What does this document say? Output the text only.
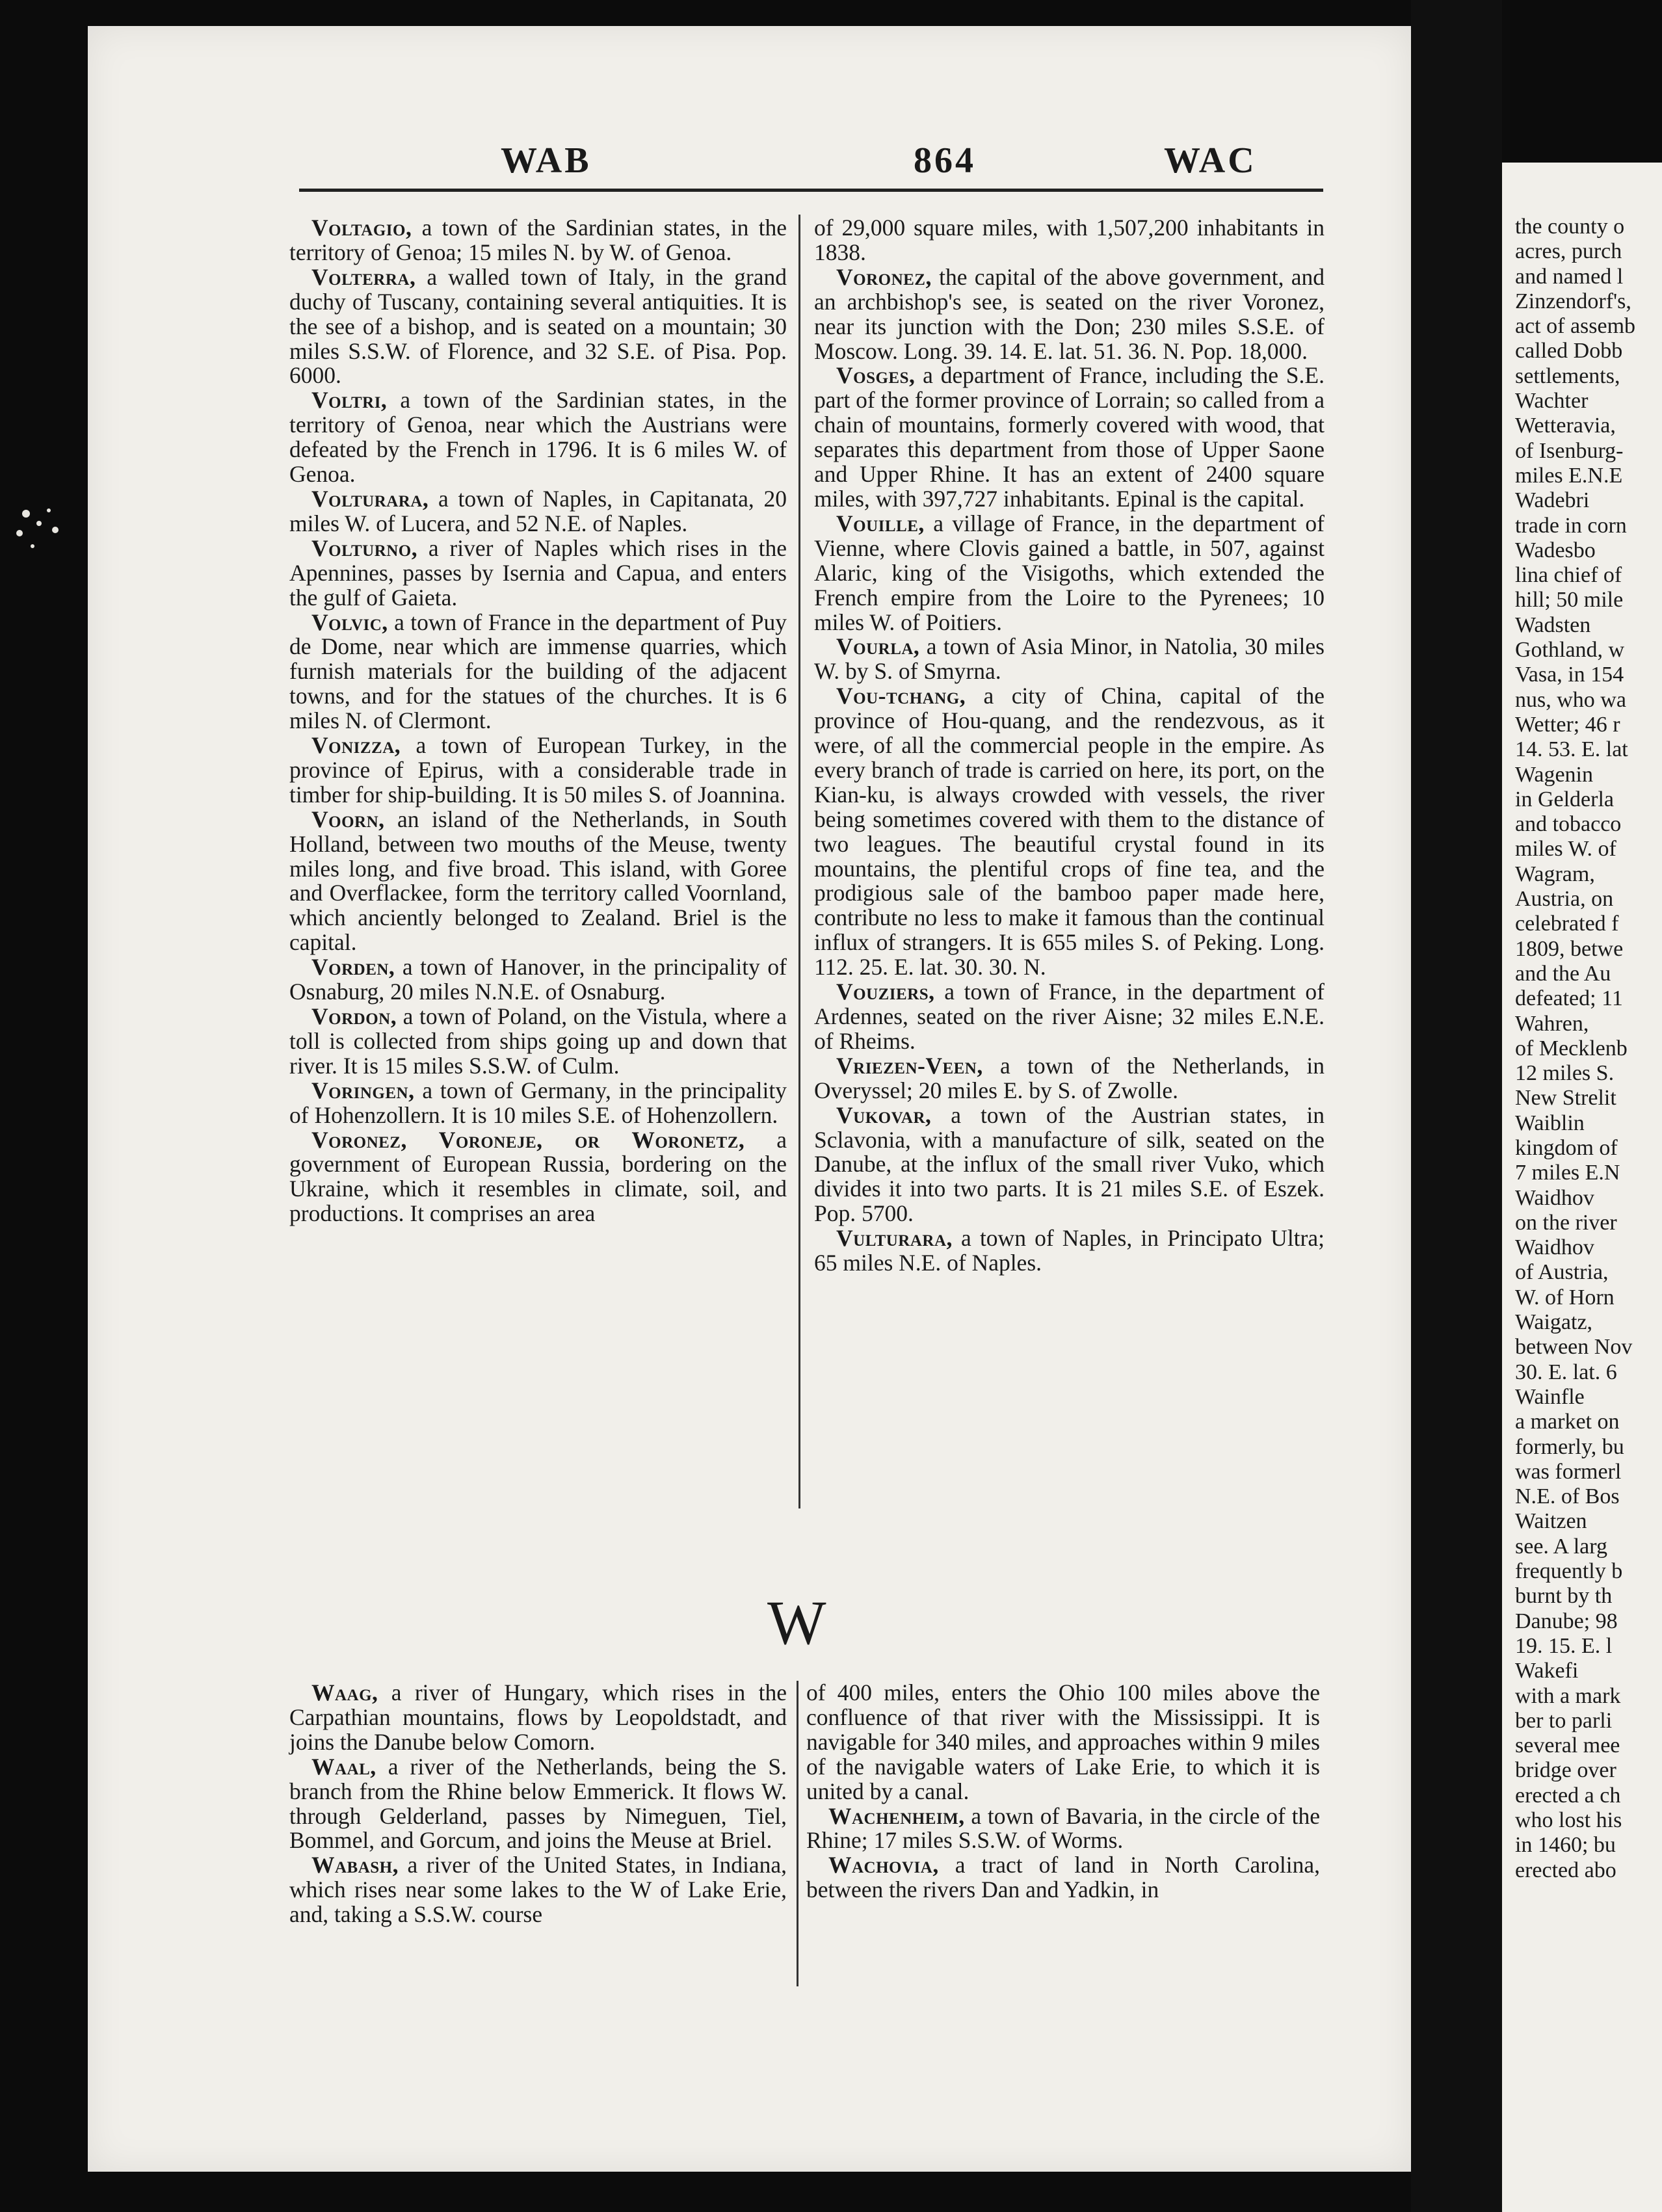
WAB	864	WAC

Voltagio, a town of the Sardinian states, in the territory of Genoa; 15 miles N. by W. of Genoa.

Volterra, a walled town of Italy, in the grand duchy of Tuscany, containing several antiquities. It is the see of a bishop, and is seated on a mountain; 30 miles S.S.W. of Florence, and 32 S.E. of Pisa. Pop. 6000.

Voltri, a town of the Sardinian states, in the territory of Genoa, near which the Austrians were defeated by the French in 1796. It is 6 miles W. of Genoa.

Volturara, a town of Naples, in Capitanata, 20 miles W. of Lucera, and 52 N.E. of Naples.

Volturno, a river of Naples which rises in the Apennines, passes by Isernia and Capua, and enters the gulf of Gaieta.

Volvic, a town of France in the department of Puy de Dome, near which are immense quarries, which furnish materials for the building of the adjacent towns, and for the statues of the churches. It is 6 miles N. of Clermont.

Vonizza, a town of European Turkey, in the province of Epirus, with a considerable trade in timber for ship-building. It is 50 miles S. of Joannina.

Voorn, an island of the Netherlands, in South Holland, between two mouths of the Meuse, twenty miles long, and five broad. This island, with Goree and Overflackee, form the territory called Voornland, which anciently belonged to Zealand. Briel is the capital.

Vorden, a town of Hanover, in the principality of Osnaburg, 20 miles N.N.E. of Osnaburg.

Vordon, a town of Poland, on the Vistula, where a toll is collected from ships going up and down that river. It is 15 miles S.S.W. of Culm.

Voringen, a town of Germany, in the principality of Hohenzollern. It is 10 miles S.E. of Hohenzollern.

Voronez, Voroneje, or Woronetz, a government of European Russia, bordering on the Ukraine, which it resembles in climate, soil, and productions. It comprises an area

of 29,000 square miles, with 1,507,200 inhabitants in 1838.

Voronez, the capital of the above government, and an archbishop's see, is seated on the river Voronez, near its junction with the Don; 230 miles S.S.E. of Moscow. Long. 39. 14. E. lat. 51. 36. N. Pop. 18,000.

Vosges, a department of France, including the S.E. part of the former province of Lorrain; so called from a chain of mountains, formerly covered with wood, that separates this department from those of Upper Saone and Upper Rhine. It has an extent of 2400 square miles, with 397,727 inhabitants. Epinal is the capital.

Vouille, a village of France, in the department of Vienne, where Clovis gained a battle, in 507, against Alaric, king of the Visigoths, which extended the French empire from the Loire to the Pyrenees; 10 miles W. of Poitiers.

Vourla, a town of Asia Minor, in Natolia, 30 miles W. by S. of Smyrna.

Vou-tchang, a city of China, capital of the province of Hou-quang, and the rendezvous, as it were, of all the commercial people in the empire. As every branch of trade is carried on here, its port, on the Kian-ku, is always crowded with vessels, the river being sometimes covered with them to the distance of two leagues. The beautiful crystal found in its mountains, the plentiful crops of fine tea, and the prodigious sale of the bamboo paper made here, contribute no less to make it famous than the continual influx of strangers. It is 655 miles S. of Peking. Long. 112. 25. E. lat. 30. 30. N.

Vouziers, a town of France, in the department of Ardennes, seated on the river Aisne; 32 miles E.N.E. of Rheims.

Vriezen-Veen, a town of the Netherlands, in Overyssel; 20 miles E. by S. of Zwolle.

Vukovar, a town of the Austrian states, in Sclavonia, with a manufacture of silk, seated on the Danube, at the influx of the small river Vuko, which divides it into two parts. It is 21 miles S.E. of Eszek. Pop. 5700.

Vulturara, a town of Naples, in Principato Ultra; 65 miles N.E. of Naples.

W

Waag, a river of Hungary, which rises in the Carpathian mountains, flows by Leopoldstadt, and joins the Danube below Comorn.

Waal, a river of the Netherlands, being the S. branch from the Rhine below Emmerick. It flows W. through Gelderland, passes by Nimeguen, Tiel, Bommel, and Gorcum, and joins the Meuse at Briel.

Wabash, a river of the United States, in Indiana, which rises near some lakes to the W of Lake Erie, and, taking a S.S.W. course

of 400 miles, enters the Ohio 100 miles above the confluence of that river with the Mississippi. It is navigable for 340 miles, and approaches within 9 miles of the navigable waters of Lake Erie, to which it is united by a canal.

Wachenheim, a town of Bavaria, in the circle of the Rhine; 17 miles S.S.W. of Worms.

Wachovia, a tract of land in North Carolina, between the rivers Dan and Yadkin, in

the county o
acres, purch
and named l
Zinzendorf's,
act of assemb
called Dobb
settlements,
Wachter
Wetteravia,
of Isenburg-
miles E.N.E
Wadebri
trade in corn
Wadesbo
lina chief of
hill; 50 mile
Wadsten
Gothland, w
Vasa, in 154
nus, who wa
Wetter; 46 r
14. 53. E. lat
Wagenin
in Gelderla
and tobacco
miles W. of
Wagram,
Austria, on
celebrated f
1809, betwe
and the Au
defeated; 11
Wahren,
of Mecklenb
12 miles S.
New Strelit
Waiblin
kingdom of
7 miles E.N
Waidhov
on the river
Waidhov
of Austria,
W. of Horn
Waigatz,
between Nov
30. E. lat. 6
Wainfle
a market on
formerly, bu
was formerl
N.E. of Bos
Waitzen
see. A larg
frequently b
burnt by th
Danube; 98
19. 15. E. l
Wakefi
with a mark
ber to parli
several mee
bridge over
erected a ch
who lost his
in 1460; bu
erected abo
